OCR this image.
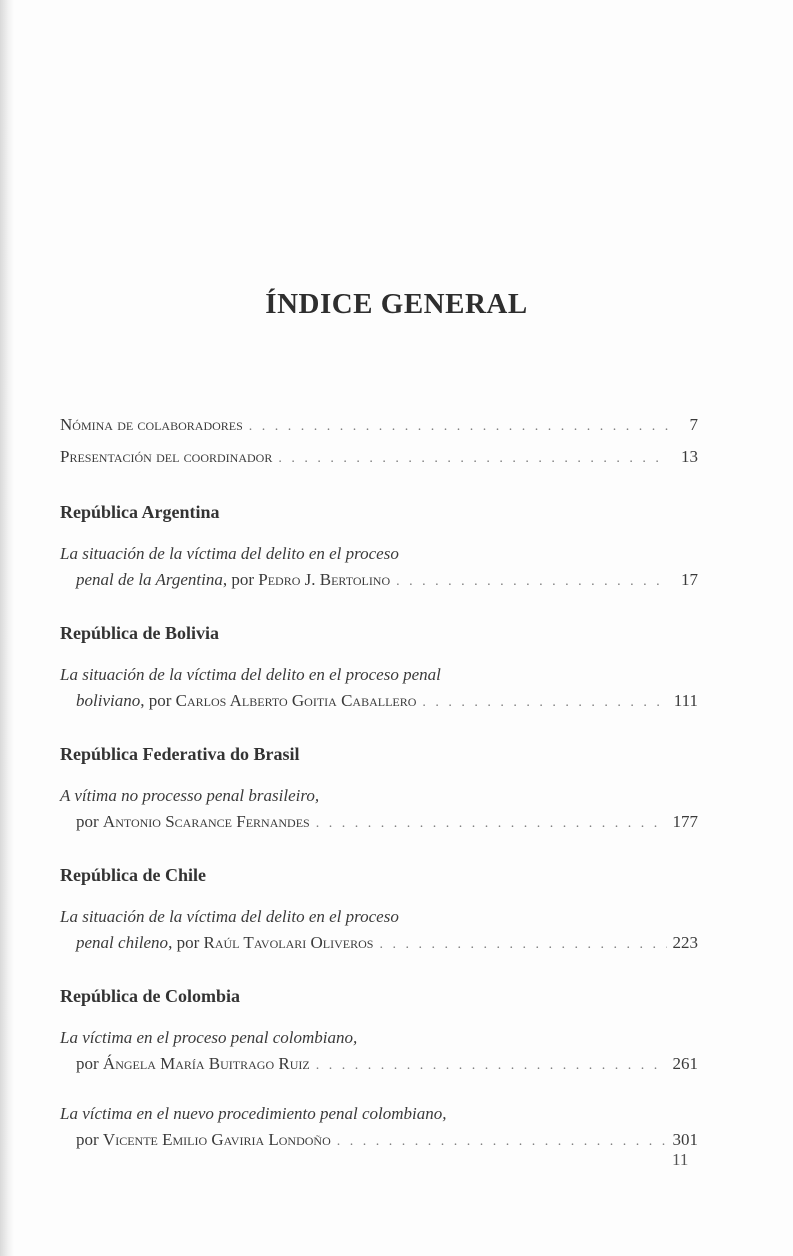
ÍNDICE GENERAL
Nómina de colaboradores . . .	7
Presentación del coordinador . . .	13
República Argentina
La situación de la víctima del delito en el proceso
penal de la Argentina, por Pedro J. Bertolino . . .	17
República de Bolivia
La situación de la víctima del delito en el proceso penal
boliviano, por Carlos Alberto Goitia Caballero . . .	111
República Federativa do Brasil
A vítima no processo penal brasileiro,
por Antonio Scarance Fernandes . . .	177
República de Chile
La situación de la víctima del delito en el proceso
penal chileno, por Raúl Tavolari Oliveros . . .	223
República de Colombia
La víctima en el proceso penal colombiano,
por Ángela María Buitrago Ruiz . . .	261
La víctima en el nuevo procedimiento penal colombiano,
por Vicente Emilio Gaviria Londoño . . .	301
11
